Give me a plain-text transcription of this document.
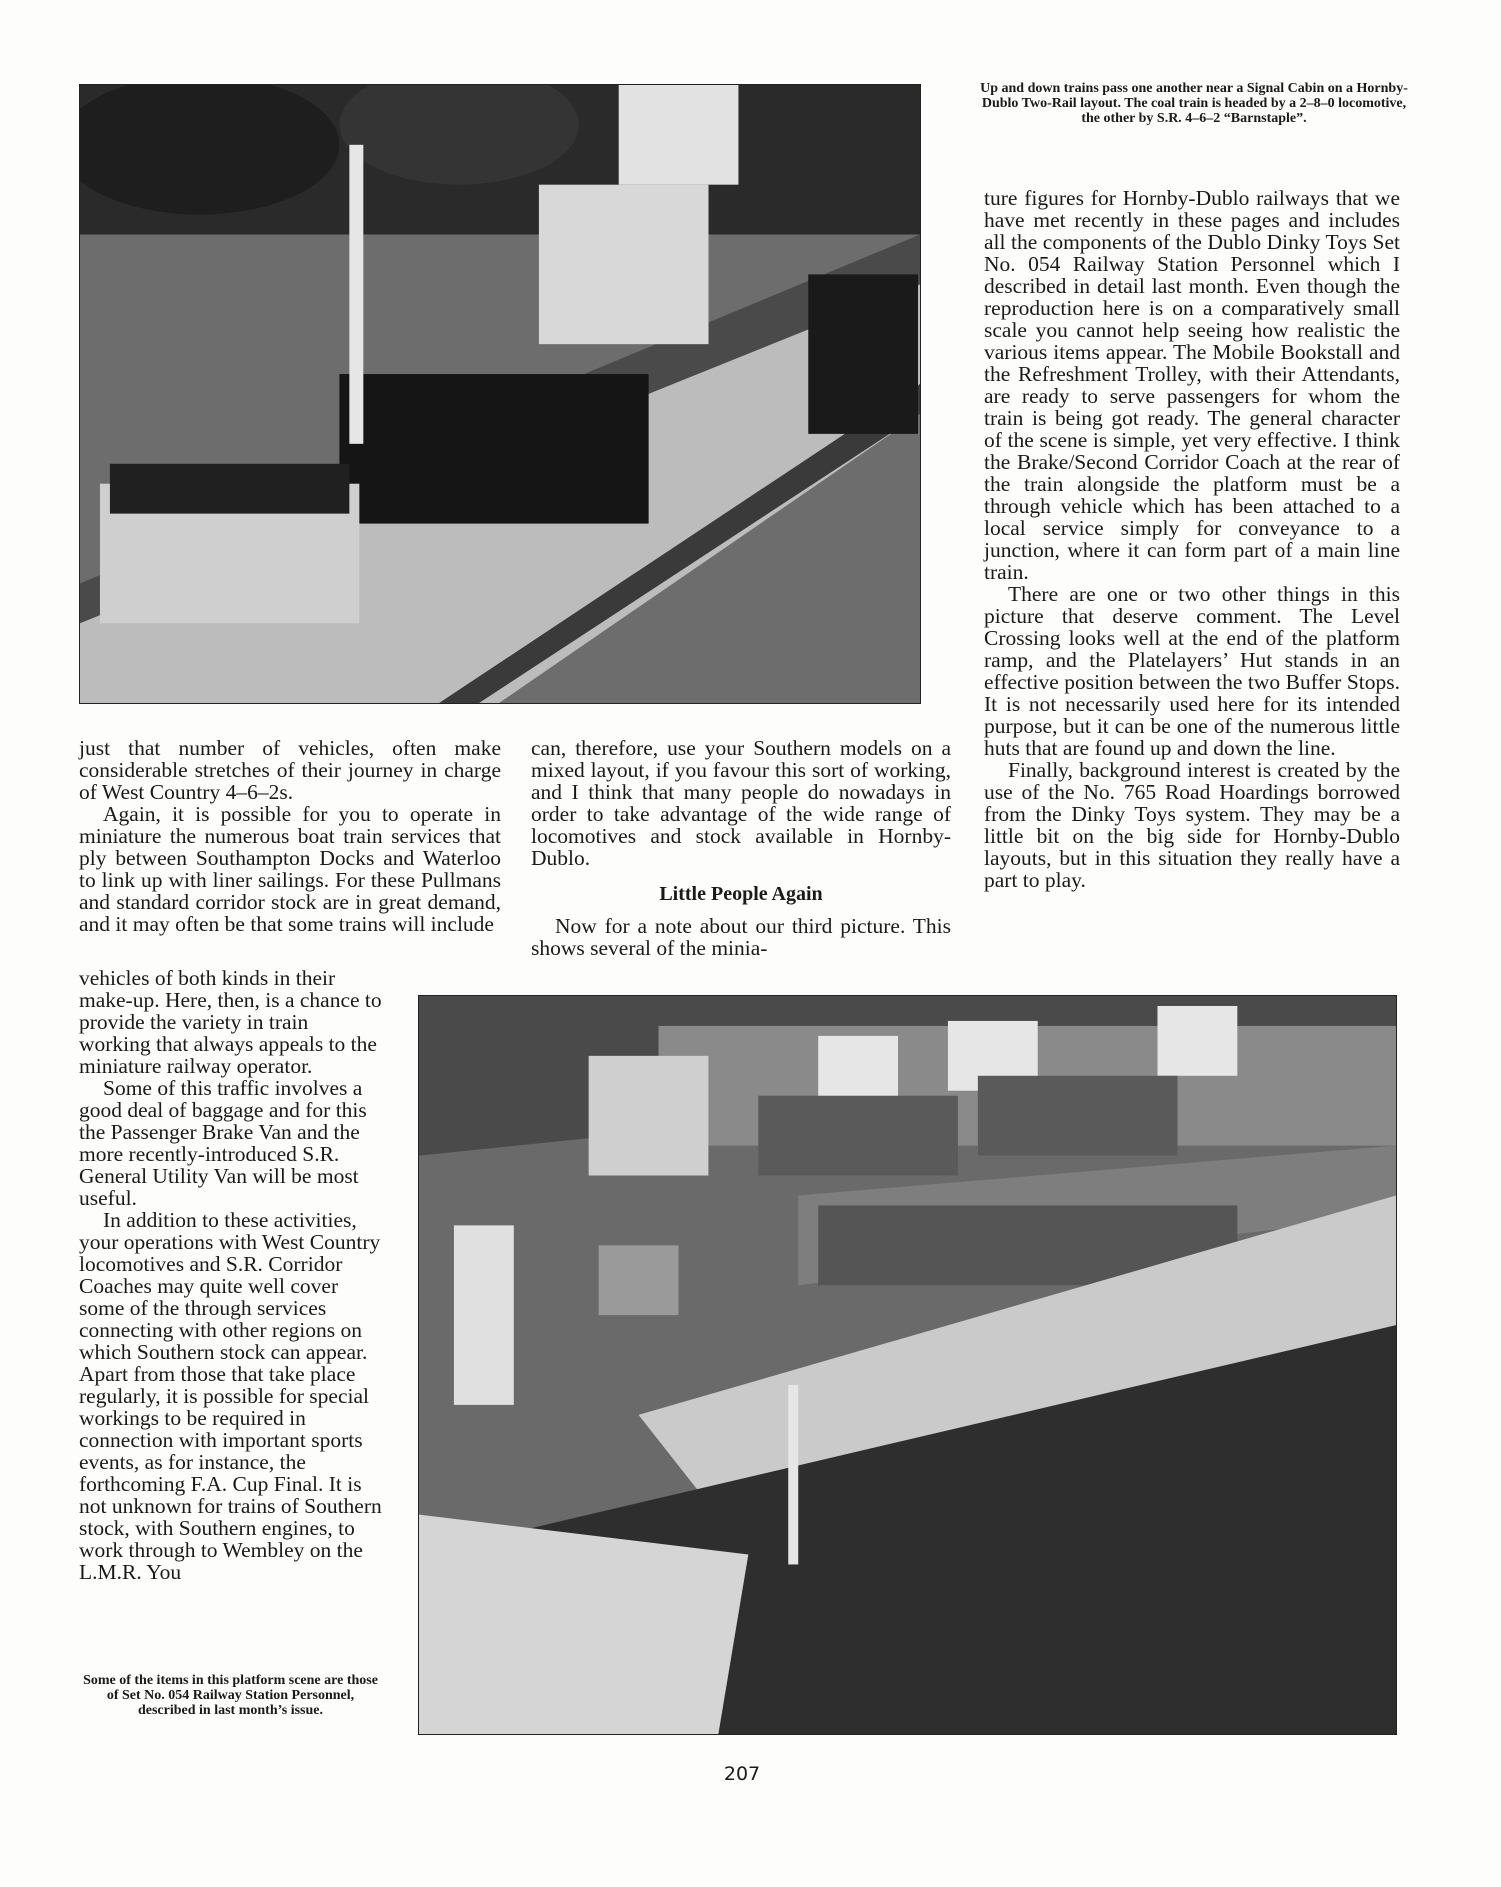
Up and down trains pass one another near a Signal Cabin on a Hornby-Dublo Two-Rail layout. The coal train is headed by a 2–8–0 locomotive, the other by S.R. 4–6–2 “Barnstaple”.

just that number of vehicles, often make considerable stretches of their journey in charge of West Country 4–6–2s.

Again, it is possible for you to operate in miniature the numerous boat train services that ply between Southampton Docks and Waterloo to link up with liner sailings. For these Pullmans and standard corridor stock are in great demand, and it may often be that some trains will include

vehicles of both kinds in their make-up. Here, then, is a chance to provide the variety in train working that always appeals to the miniature railway operator.

Some of this traffic involves a good deal of baggage and for this the Passenger Brake Van and the more recently-introduced S.R. General Utility Van will be most useful.

In addition to these activities, your operations with West Country locomotives and S.R. Corridor Coaches may quite well cover some of the through services connecting with other regions on which Southern stock can appear. Apart from those that take place regularly, it is possible for special workings to be required in connection with important sports events, as for instance, the forthcoming F.A. Cup Final. It is not unknown for trains of Southern stock, with Southern engines, to work through to Wembley on the L.M.R. You

Some of the items in this platform scene are those of Set No. 054 Railway Station Personnel, described in last month’s issue.

can, therefore, use your Southern models on a mixed layout, if you favour this sort of working, and I think that many people do nowadays in order to take advantage of the wide range of locomotives and stock available in Hornby-Dublo.

Little People Again

Now for a note about our third picture. This shows several of the minia-

ture figures for Hornby-Dublo railways that we have met recently in these pages and includes all the components of the Dublo Dinky Toys Set No. 054 Railway Station Personnel which I described in detail last month. Even though the reproduction here is on a comparatively small scale you cannot help seeing how realistic the various items appear. The Mobile Bookstall and the Refreshment Trolley, with their Attendants, are ready to serve passengers for whom the train is being got ready. The general character of the scene is simple, yet very effective. I think the Brake/Second Corridor Coach at the rear of the train alongside the platform must be a through vehicle which has been attached to a local service simply for conveyance to a junction, where it can form part of a main line train.

There are one or two other things in this picture that deserve comment. The Level Crossing looks well at the end of the platform ramp, and the Platelayers’ Hut stands in an effective position between the two Buffer Stops. It is not necessarily used here for its intended purpose, but it can be one of the numerous little huts that are found up and down the line.

Finally, background interest is created by the use of the No. 765 Road Hoardings borrowed from the Dinky Toys system. They may be a little bit on the big side for Hornby-Dublo layouts, but in this situation they really have a part to play.

207
